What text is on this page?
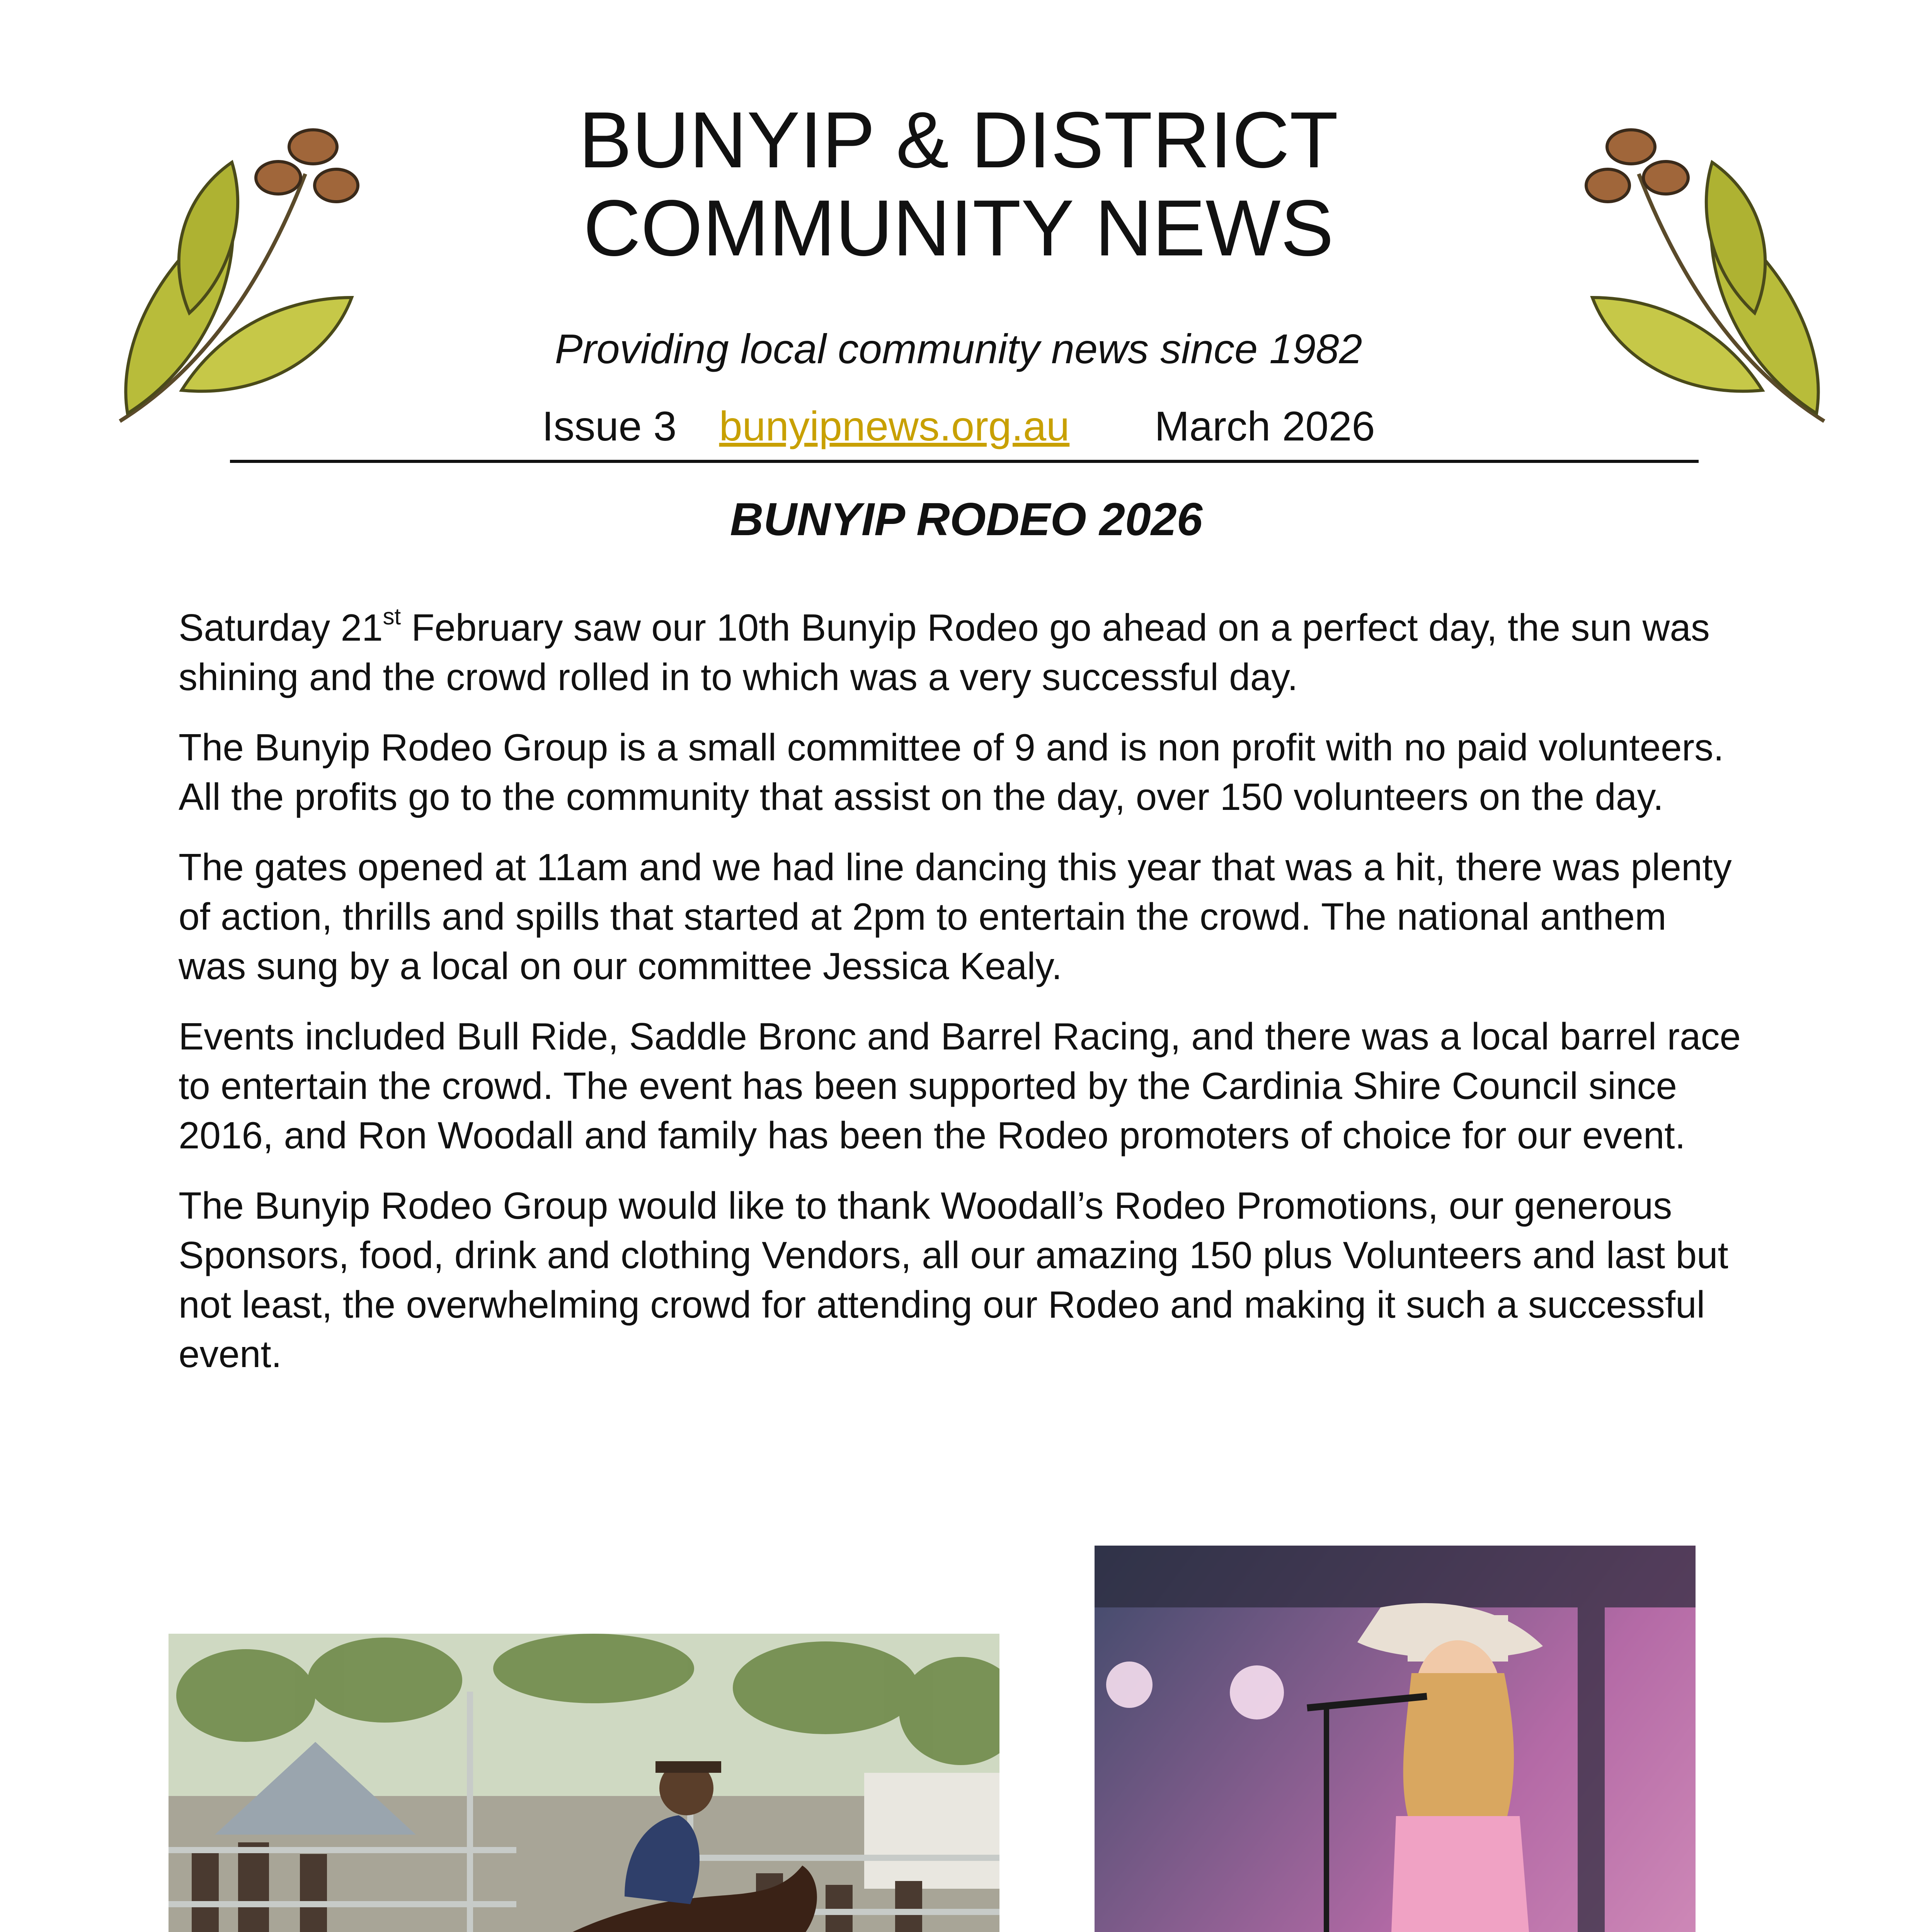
BUNYIP & DISTRICT
COMMUNITY NEWS
Providing local community news since 1982
Issue 3 bunyipnews.org.au March 2026
BUNYIP RODEO 2026

Saturday 21st February saw our 10th Bunyip Rodeo go ahead on a perfect day, the sun was shining and the crowd rolled in to which was a very successful day.

The Bunyip Rodeo Group is a small committee of 9 and is non profit with no paid volunteers. All the profits go to the community that assist on the day, over 150 volunteers on the day.

The gates opened at 11am and we had line dancing this year that was a hit, there was plenty of action, thrills and spills that started at 2pm to entertain the crowd. The national anthem was sung by a local on our committee Jessica Kealy.

Events included Bull Ride, Saddle Bronc and Barrel Racing, and there was a local barrel race to entertain the crowd. The event has been supported by the Cardinia Shire Council since 2016, and Ron Woodall and family has been the Rodeo promoters of choice for our event.

The Bunyip Rodeo Group would like to thank Woodall’s Rodeo Promotions, our generous Sponsors, food, drink and clothing Vendors, all our amazing 150 plus Volunteers and last but not least, the overwhelming crowd for attending our Rodeo and making it such a successful event.
